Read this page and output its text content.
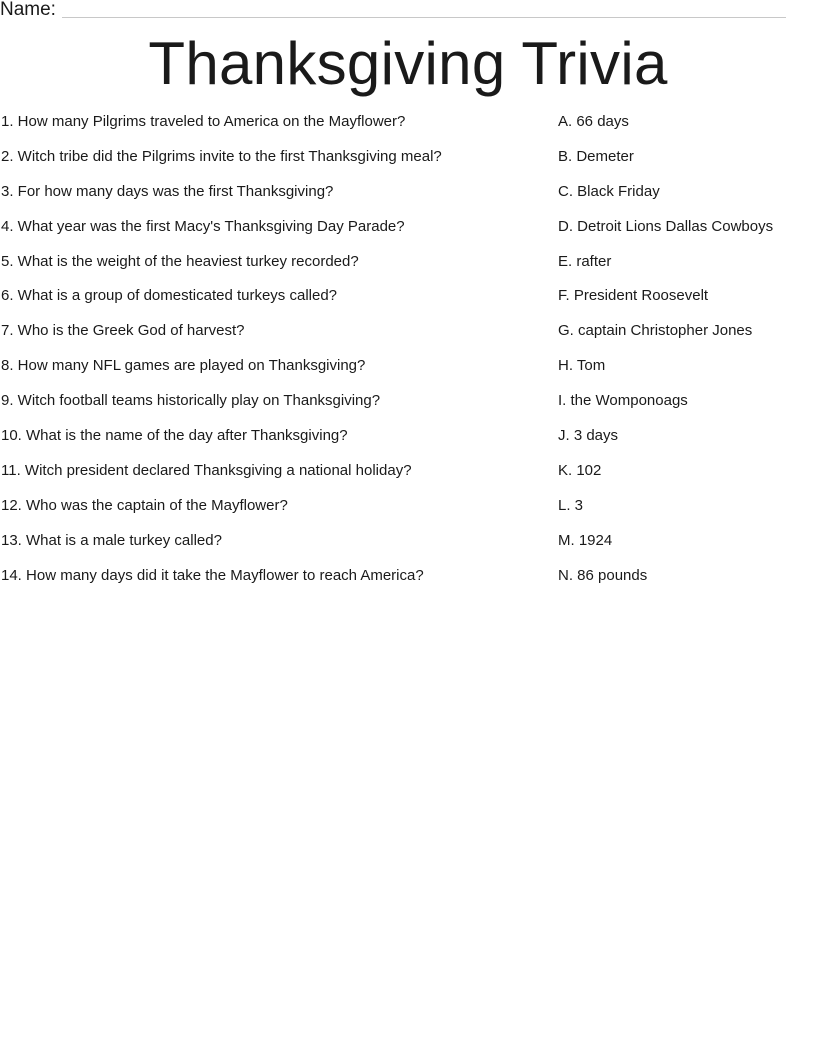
Name:
Thanksgiving Trivia
1. How many Pilgrims traveled to America on the Mayflower?
2. Witch tribe did the Pilgrims invite to the first Thanksgiving meal?
3. For how many days was the first Thanksgiving?
4. What year was the first Macy's Thanksgiving Day Parade?
5. What is the weight of the heaviest turkey recorded?
6. What is a group of domesticated turkeys called?
7. Who is the Greek God of harvest?
8. How many NFL games are played on Thanksgiving?
9. Witch football teams historically play on Thanksgiving?
10. What is the name of the day after Thanksgiving?
11. Witch president declared Thanksgiving a national holiday?
12. Who was the captain of the Mayflower?
13. What is a male turkey called?
14. How many days did it take the Mayflower to reach America?
A. 66 days
B. Demeter
C. Black Friday
D. Detroit Lions Dallas Cowboys
E. rafter
F. President Roosevelt
G. captain Christopher Jones
H. Tom
I. the Womponoags
J. 3 days
K. 102
L. 3
M. 1924
N. 86 pounds
